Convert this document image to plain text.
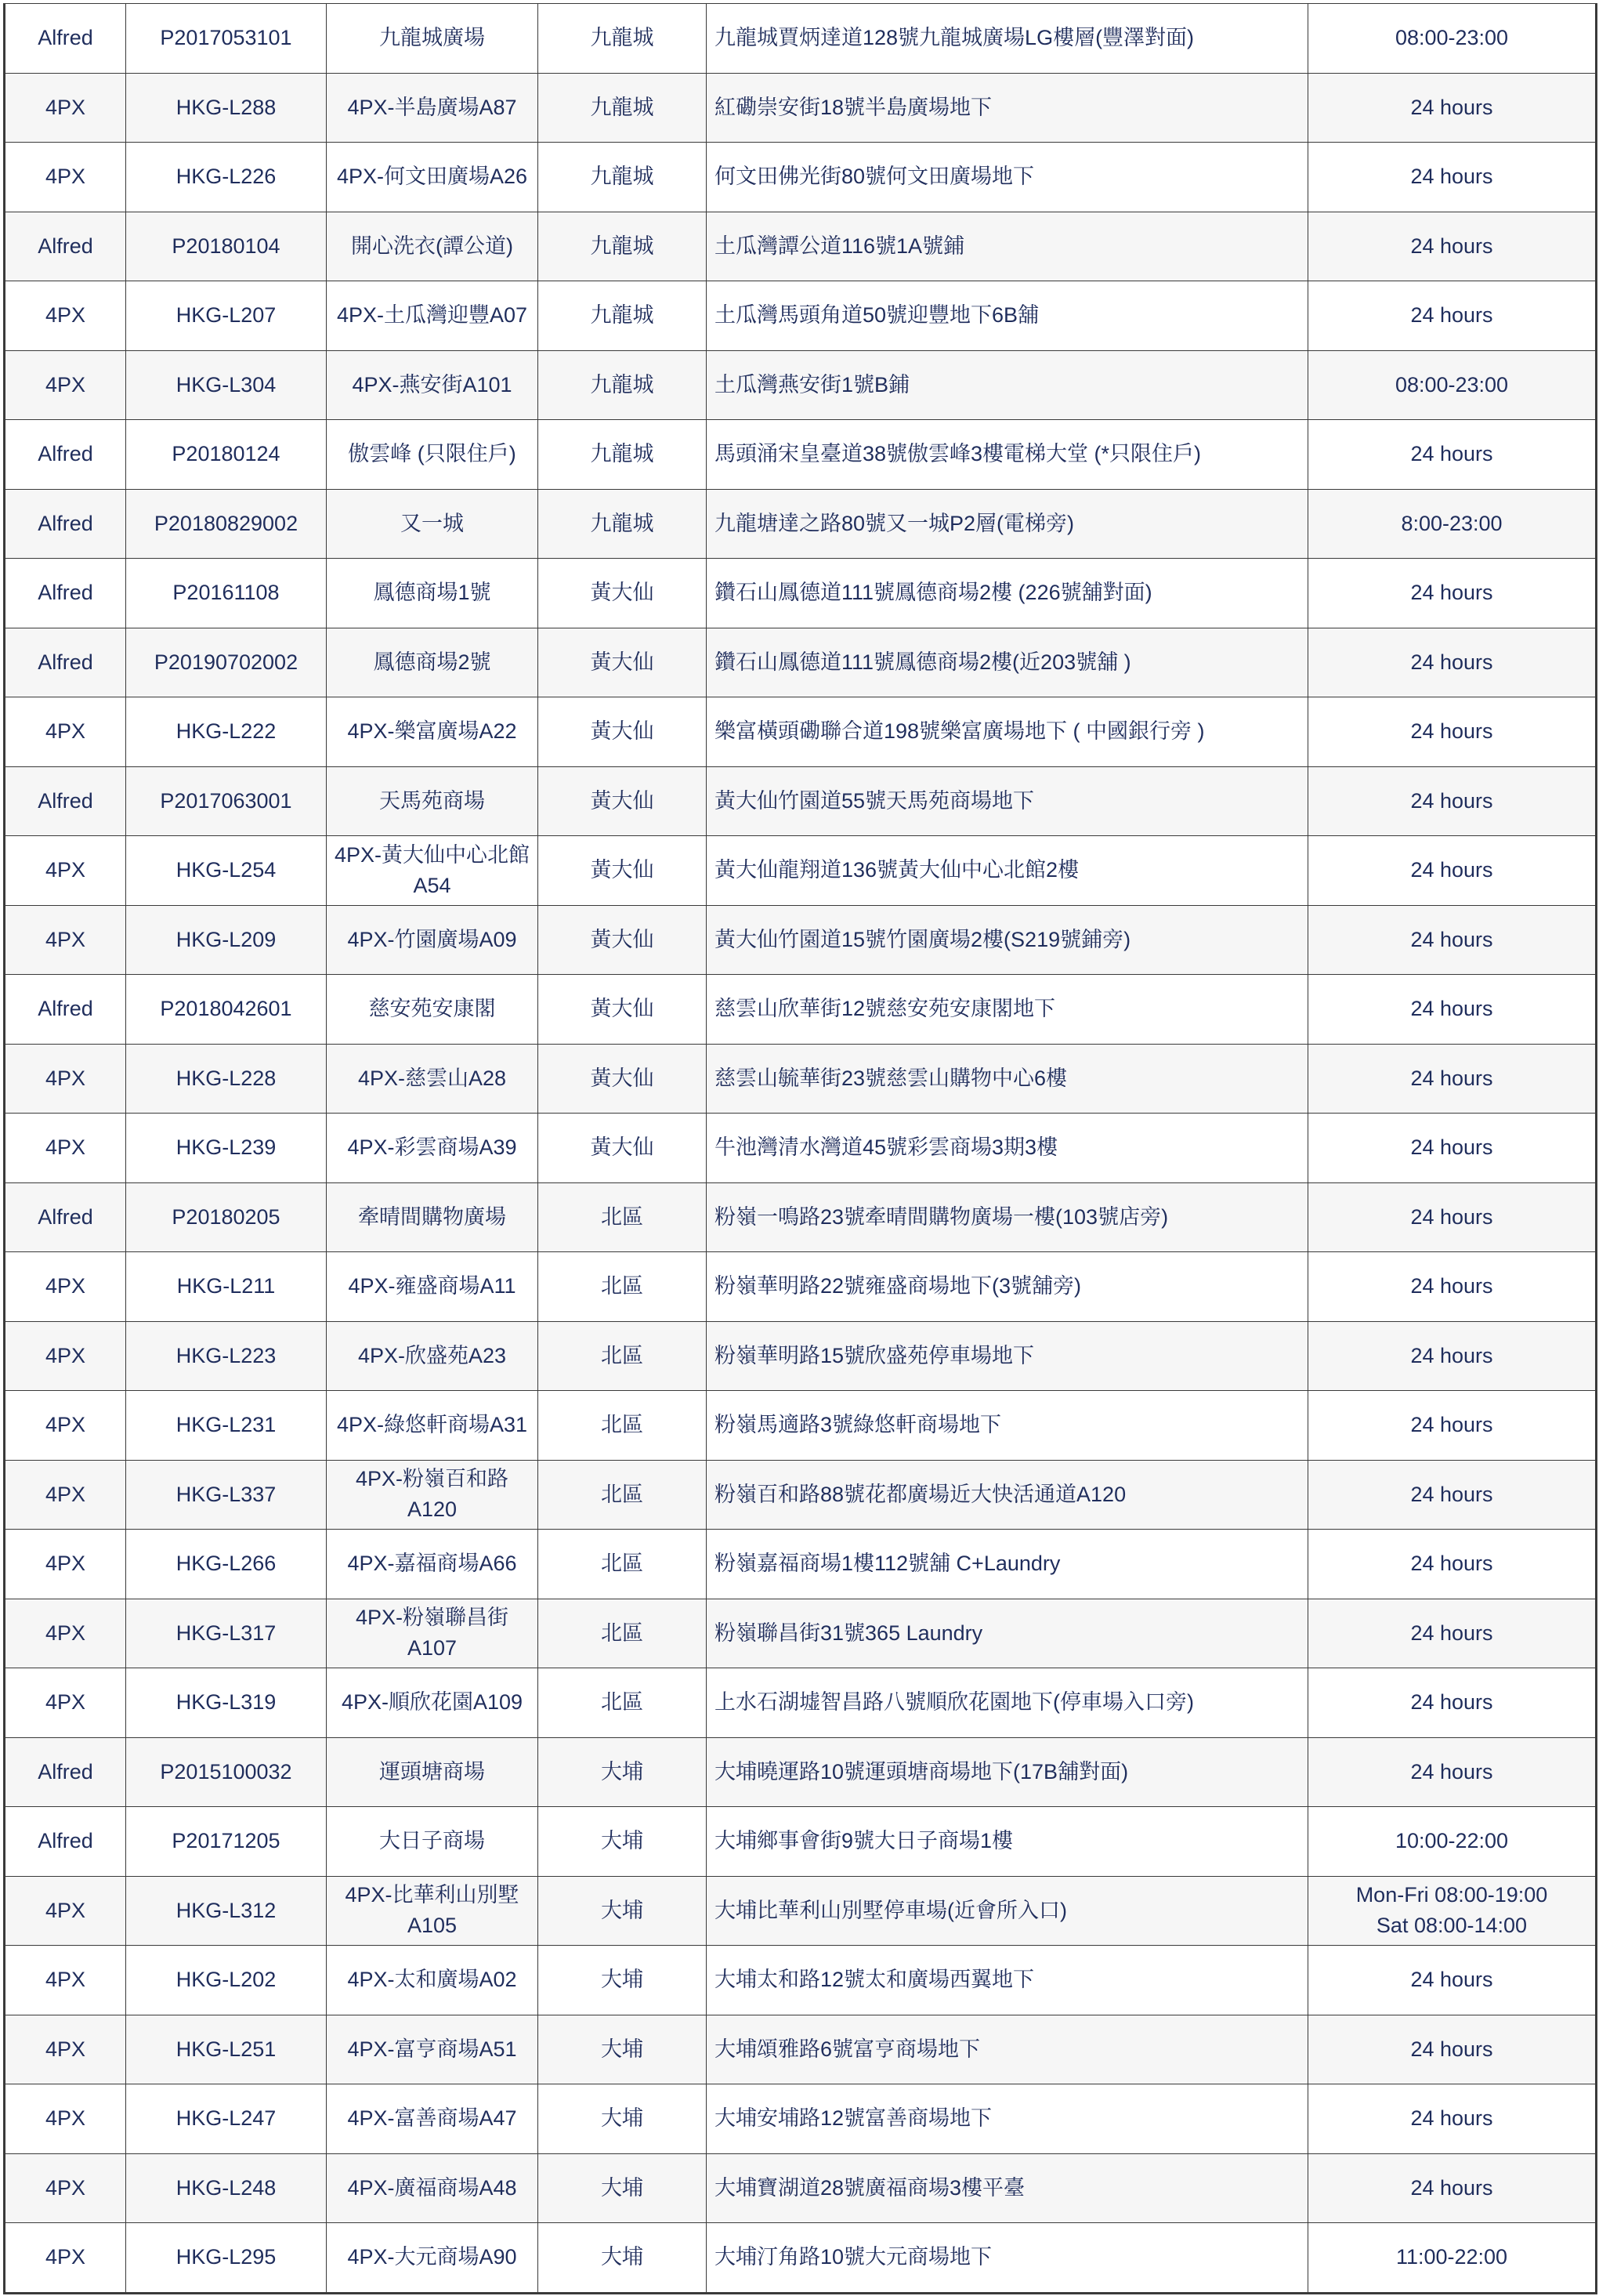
Alfred	P2017053101	九龍城廣場	九龍城	九龍城賈炳達道128號九龍城廣場LG樓層(豐澤對面)	08:00-23:00
4PX	HKG-L288	4PX-半島廣場A87	九龍城	紅磡崇安街18號半島廣場地下	24 hours
4PX	HKG-L226	4PX-何文田廣場A26	九龍城	何文田佛光街80號何文田廣場地下	24 hours
Alfred	P20180104	開心洗衣(譚公道)	九龍城	土瓜灣譚公道116號1A號鋪	24 hours
4PX	HKG-L207	4PX-土瓜灣迎豐A07	九龍城	土瓜灣馬頭角道50號迎豐地下6B舖	24 hours
4PX	HKG-L304	4PX-燕安街A101	九龍城	土瓜灣燕安街1號B鋪	08:00-23:00
Alfred	P20180124	傲雲峰 (只限住戶)	九龍城	馬頭涌宋皇臺道38號傲雲峰3樓電梯大堂 (*只限住戶)	24 hours
Alfred	P20180829002	又一城	九龍城	九龍塘達之路80號又一城P2層(電梯旁)	8:00-23:00
Alfred	P20161108	鳳德商場1號	黃大仙	鑽石山鳳德道111號鳳德商場2樓 (226號舖對面)	24 hours
Alfred	P20190702002	鳳德商場2號	黃大仙	鑽石山鳳德道111號鳳德商場2樓(近203號舖 )	24 hours
4PX	HKG-L222	4PX-樂富廣場A22	黃大仙	樂富橫頭磡聯合道198號樂富廣場地下 ( 中國銀行旁 )	24 hours
Alfred	P2017063001	天馬苑商場	黃大仙	黃大仙竹園道55號天馬苑商場地下	24 hours
4PX	HKG-L254	4PX-黃大仙中心北館A54	黃大仙	黃大仙龍翔道136號黃大仙中心北館2樓	24 hours
4PX	HKG-L209	4PX-竹園廣場A09	黃大仙	黃大仙竹園道15號竹園廣場2樓(S219號鋪旁)	24 hours
Alfred	P2018042601	慈安苑安康閣	黃大仙	慈雲山欣華街12號慈安苑安康閣地下	24 hours
4PX	HKG-L228	4PX-慈雲山A28	黃大仙	慈雲山毓華街23號慈雲山購物中心6樓	24 hours
4PX	HKG-L239	4PX-彩雲商場A39	黃大仙	牛池灣清水灣道45號彩雲商場3期3樓	24 hours
Alfred	P20180205	牽晴間購物廣場	北區	粉嶺一鳴路23號牽晴間購物廣場一樓(103號店旁)	24 hours
4PX	HKG-L211	4PX-雍盛商場A11	北區	粉嶺華明路22號雍盛商場地下(3號舖旁)	24 hours
4PX	HKG-L223	4PX-欣盛苑A23	北區	粉嶺華明路15號欣盛苑停車場地下	24 hours
4PX	HKG-L231	4PX-綠悠軒商場A31	北區	粉嶺馬適路3號綠悠軒商場地下	24 hours
4PX	HKG-L337	4PX-粉嶺百和路A120	北區	粉嶺百和路88號花都廣場近大快活通道A120	24 hours
4PX	HKG-L266	4PX-嘉福商場A66	北區	粉嶺嘉福商場1樓112號舖 C+Laundry	24 hours
4PX	HKG-L317	4PX-粉嶺聯昌街A107	北區	粉嶺聯昌街31號365 Laundry	24 hours
4PX	HKG-L319	4PX-順欣花園A109	北區	上水石湖墟智昌路八號順欣花園地下(停車場入口旁)	24 hours
Alfred	P2015100032	運頭塘商場	大埔	大埔曉運路10號運頭塘商場地下(17B舖對面)	24 hours
Alfred	P20171205	大日子商場	大埔	大埔鄉事會街9號大日子商場1樓	10:00-22:00
4PX	HKG-L312	4PX-比華利山別墅A105	大埔	大埔比華利山別墅停車場(近會所入口)	Mon-Fri 08:00-19:00
Sat 08:00-14:00
4PX	HKG-L202	4PX-太和廣場A02	大埔	大埔太和路12號太和廣場西翼地下	24 hours
4PX	HKG-L251	4PX-富亨商場A51	大埔	大埔頌雅路6號富亨商場地下	24 hours
4PX	HKG-L247	4PX-富善商場A47	大埔	大埔安埔路12號富善商場地下	24 hours
4PX	HKG-L248	4PX-廣福商場A48	大埔	大埔寶湖道28號廣福商場3樓平臺	24 hours
4PX	HKG-L295	4PX-大元商場A90	大埔	大埔汀角路10號大元商場地下	11:00-22:00
